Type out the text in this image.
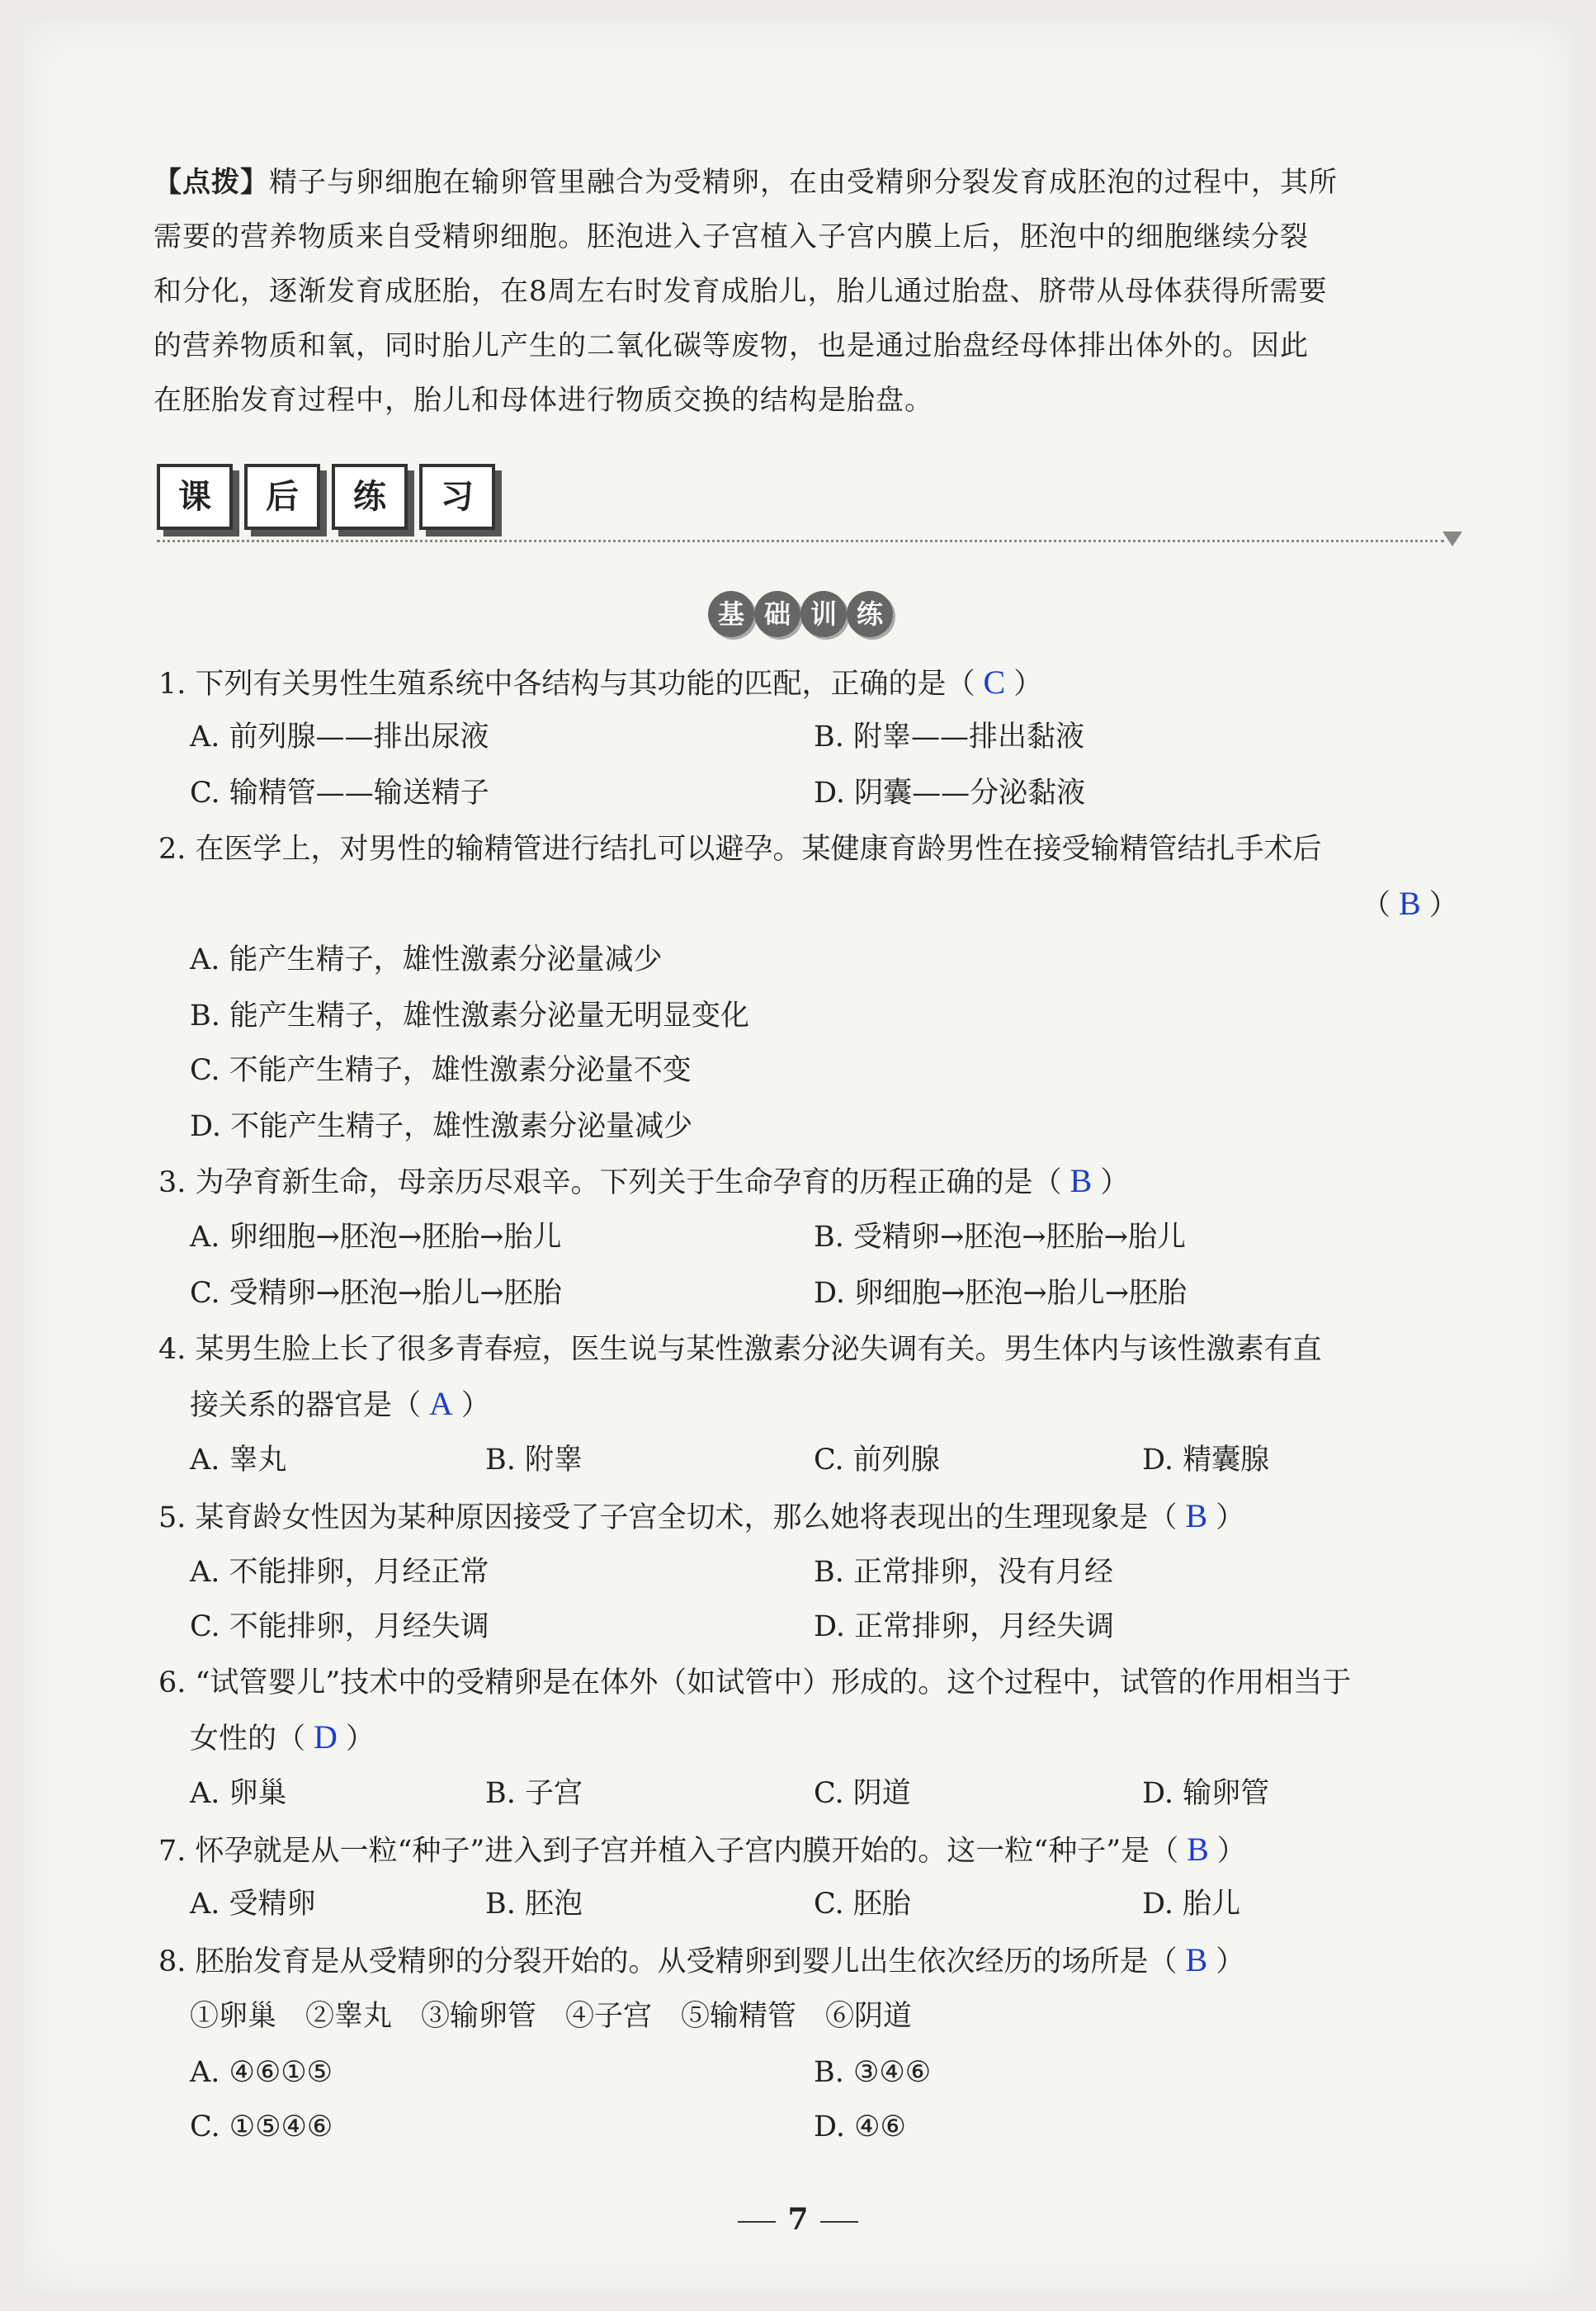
【点拨】精子与卵细胞在输卵管里融合为受精卵，在由受精卵分裂发育成胚泡的过程中，其所
需要的营养物质来自受精卵细胞。胚泡进入子宫植入子宫内膜上后，胚泡中的细胞继续分裂
和分化，逐渐发育成胚胎，在8周左右时发育成胎儿，胎儿通过胎盘、脐带从母体获得所需要
的营养物质和氧，同时胎儿产生的二氧化碳等废物，也是通过胎盘经母体排出体外的。因此
在胚胎发育过程中，胎儿和母体进行物质交换的结构是胎盘。
课	后	练	习
基 础 训 练
1. 下列有关男性生殖系统中各结构与其功能的匹配，正确的是（ C ）
A. 前列腺——排出尿液	B. 附睾——排出黏液
C. 输精管——输送精子	D. 阴囊——分泌黏液
2. 在医学上，对男性的输精管进行结扎可以避孕。某健康育龄男性在接受输精管结扎手术后
（ B ）
A. 能产生精子，雄性激素分泌量减少
B. 能产生精子，雄性激素分泌量无明显变化
C. 不能产生精子，雄性激素分泌量不变
D. 不能产生精子，雄性激素分泌量减少
3. 为孕育新生命，母亲历尽艰辛。下列关于生命孕育的历程正确的是（ B ）
A. 卵细胞→胚泡→胚胎→胎儿	B. 受精卵→胚泡→胚胎→胎儿
C. 受精卵→胚泡→胎儿→胚胎	D. 卵细胞→胚泡→胎儿→胚胎
4. 某男生脸上长了很多青春痘，医生说与某性激素分泌失调有关。男生体内与该性激素有直
接关系的器官是（ A ）
A. 睾丸	B. 附睾	C. 前列腺	D. 精囊腺
5. 某育龄女性因为某种原因接受了子宫全切术，那么她将表现出的生理现象是（ B ）
A. 不能排卵，月经正常	B. 正常排卵，没有月经
C. 不能排卵，月经失调	D. 正常排卵，月经失调
6. “试管婴儿”技术中的受精卵是在体外（如试管中）形成的。这个过程中，试管的作用相当于
女性的（ D ）
A. 卵巢	B. 子宫	C. 阴道	D. 输卵管
7. 怀孕就是从一粒“种子”进入到子宫并植入子宫内膜开始的。这一粒“种子”是（ B ）
A. 受精卵	B. 胚泡	C. 胚胎	D. 胎儿
8. 胚胎发育是从受精卵的分裂开始的。从受精卵到婴儿出生依次经历的场所是（ B ）
①卵巢　②睾丸　③输卵管　④子宫　⑤输精管　⑥阴道
A. ④⑥①⑤	B. ③④⑥
C. ①⑤④⑥	D. ④⑥
7
